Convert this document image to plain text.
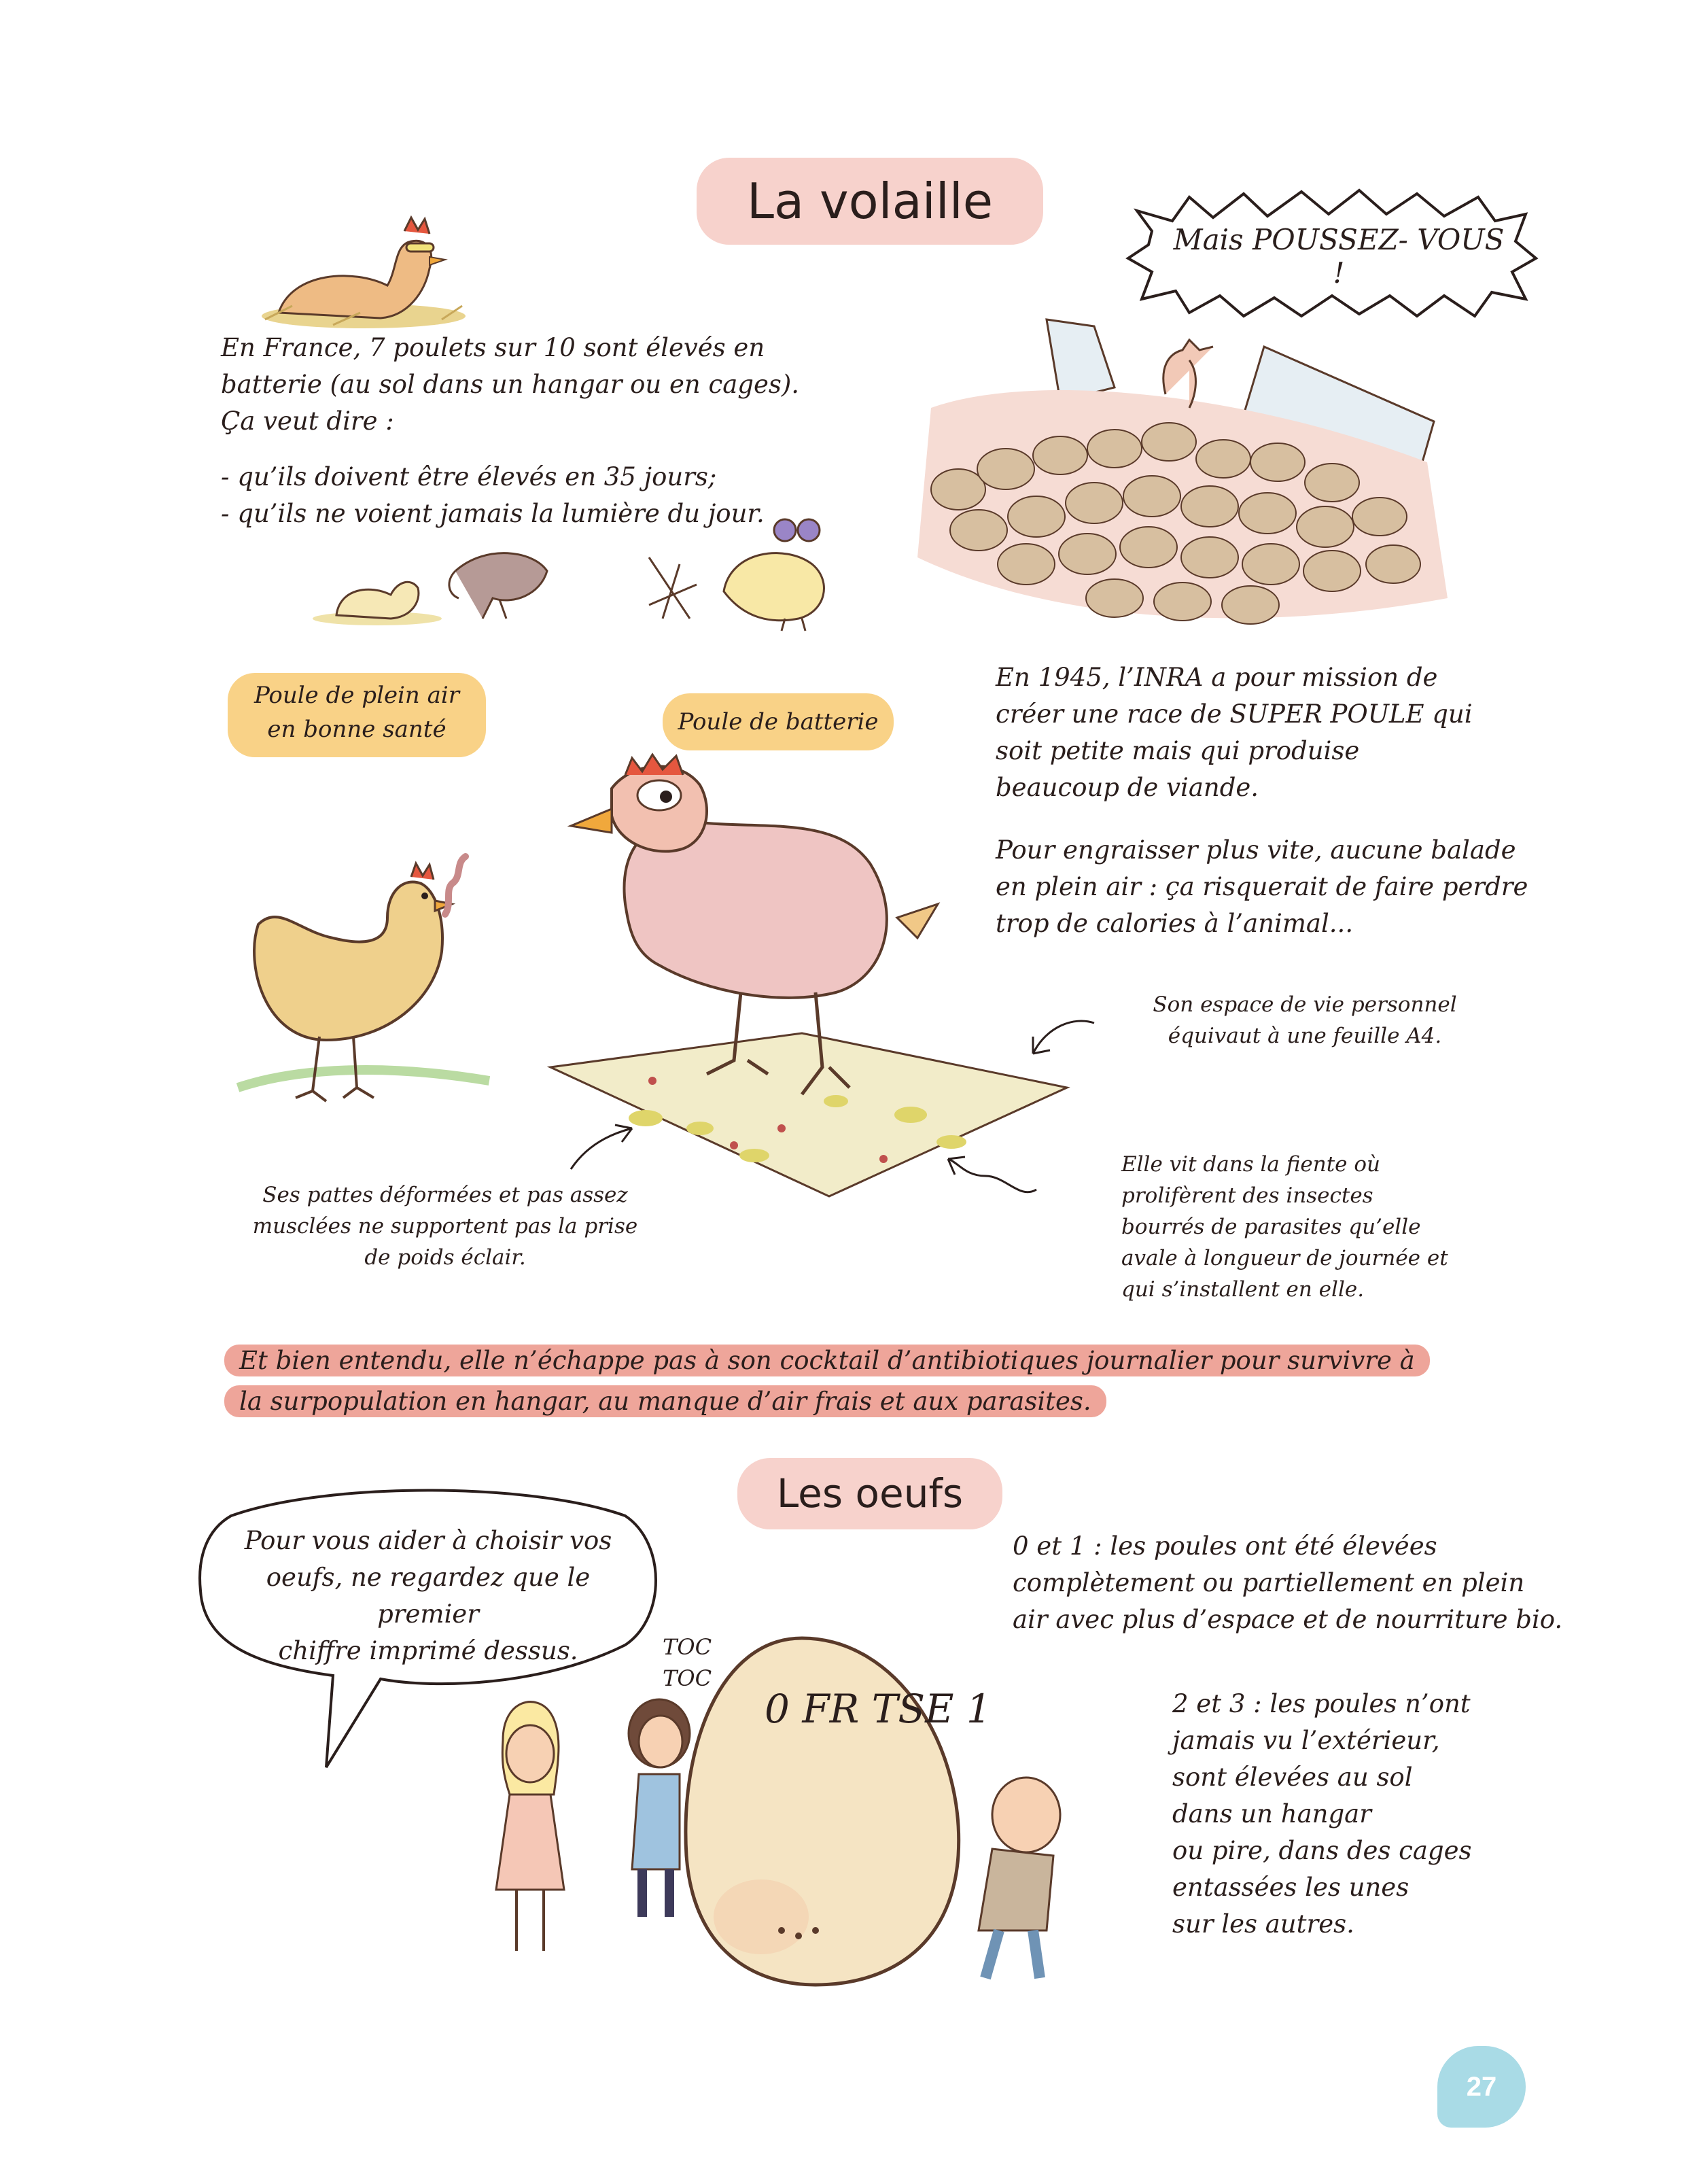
La volaille
Mais POUSSEZ- VOUS !
En France, 7 poulets sur 10 sont élevés en
batterie (au sol dans un hangar ou en cages).
Ça veut dire :
- qu’ils doivent être élevés en 35 jours;
- qu’ils ne voient jamais la lumière du jour.
Poule de plein air
en bonne santé	Poule de batterie
En 1945, l’INRA a pour mission de
créer une race de SUPER POULE qui
soit petite mais qui produise
beaucoup de viande.
Pour engraisser plus vite, aucune balade
en plein air : ça risquerait de faire perdre
trop de calories à l’animal...
Son espace de vie personnel
équivaut à une feuille A4.
Ses pattes déformées et pas assez
musclées ne supportent pas la prise
de poids éclair.
Elle vit dans la fiente où
prolifèrent des insectes
bourrés de parasites qu’elle
avale à longueur de journée et
qui s’installent en elle.
Et bien entendu, elle n’échappe pas à son cocktail d’antibiotiques journalier pour survivre à
la surpopulation en hangar, au manque d’air frais et aux parasites.
Les oeufs
Pour vous aider à choisir vos
oeufs, ne regardez que le premier
chiffre imprimé dessus.	TOC
TOC
0 FR TSE 1
0 et 1 : les poules ont été élevées
complètement ou partiellement en plein
air avec plus d’espace et de nourriture bio.
2 et 3 : les poules n’ont
jamais vu l’extérieur,
sont élevées au sol
dans un hangar
ou pire, dans des cages
entassées les unes
sur les autres.
27
